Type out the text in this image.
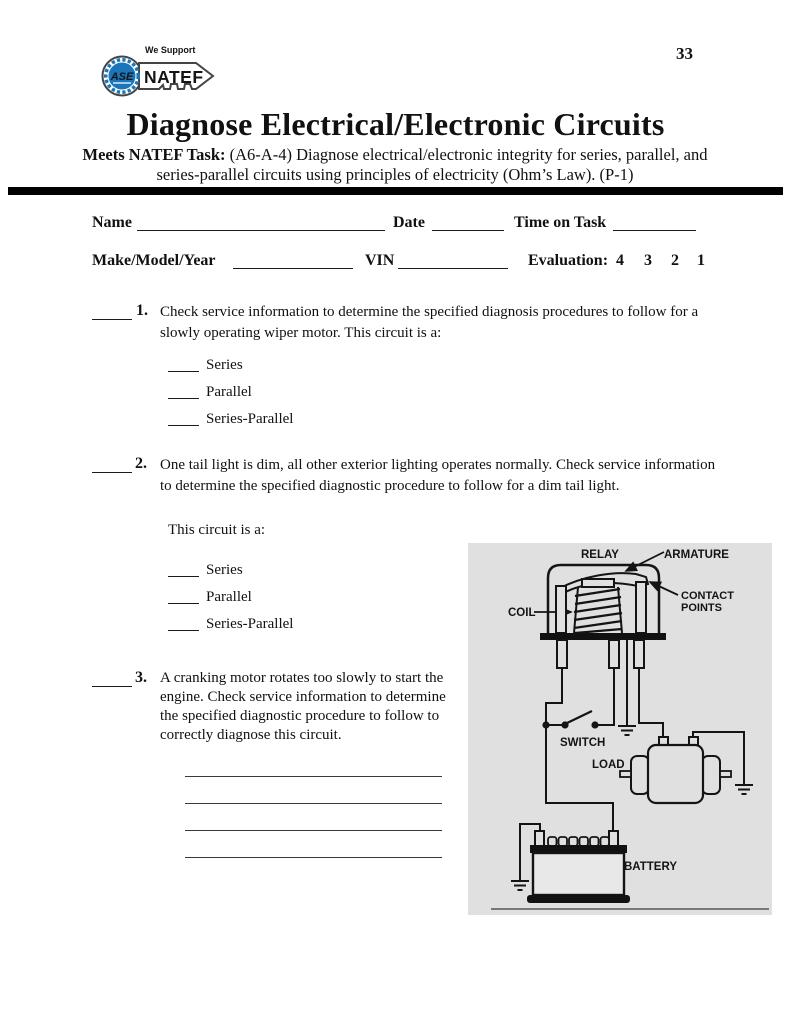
ASE
We Support
NATEF
33
Diagnose Electrical/Electronic Circuits
Meets NATEF Task: (A6-A-4) Diagnose electrical/electronic integrity for series, parallel, and
series-parallel circuits using principles of electricity (Ohm’s Law). (P-1)
Name	Date	Time on Task
Make/Model/Year	VIN	Evaluation: 4 3 2 1
1. Check service information to determine the specified diagnosis procedures to follow for a slowly operating wiper motor. This circuit is a:
Series
Parallel
Series-Parallel
2. One tail light is dim, all other exterior lighting operates normally. Check service information to determine the specified diagnostic procedure to follow for a dim tail light.
This circuit is a:
Series
Parallel
Series-Parallel
3. A cranking motor rotates too slowly to start the engine. Check service information to determine the specified diagnostic procedure to follow to correctly diagnose this circuit.
RELAY	ARMATURE
CONTACT
POINTS
COIL
SWITCH
LOAD
BATTERY
